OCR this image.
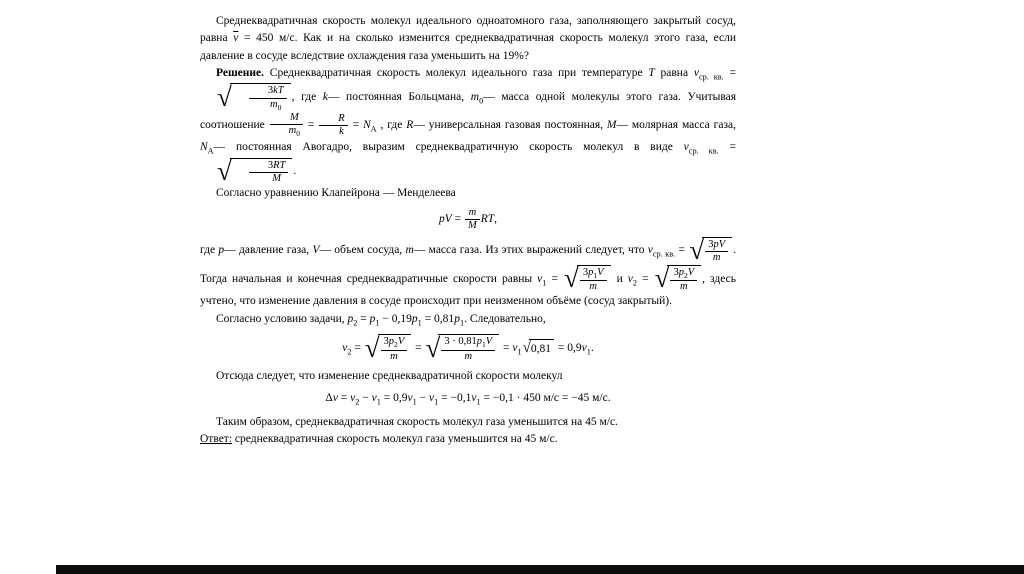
Среднеквадратичная скорость молекул идеального одноатомного газа, заполняющего закрытый сосуд, равна $\overline{v} = 450$ м/с. Как и на сколько изменится среднеквадратичная скорость молекул этого газа, если давление в сосуде вследствие охлаждения газа уменьшить на 19%?

Решение. Среднеквадратичная скорость молекул идеального газа при температуре T равна $v_{ср. кв.}$ =
√ $\frac{3kT}{m_0}$ , где k— постоянная Больцмана, $m_0—$ масса одной молекулы этого газа. Учитывая соотношение $\frac{M}{m_0} = \frac{R}{k} = N_A$ , где R— универсальная газовая постоянная, M— молярная масса газа, $N_A—$ постоянная Авогадро, выразим среднеквадратичную скорость молекул в виде $v_{ср. кв.}$ =
√ $\frac{3RT}{M}$ .

Согласно уравнению Клапейрона — Менделеева

pV = $\frac{m}{M}$ RT,

где p— давление газа, V— объем сосуда, m— масса газа. Из этих выражений следует, что $v_{ср. кв.}$ = √ $\frac{3pV}{m}$ . Тогда начальная и конечная среднеквадратичные скорости равны $v_1$ = √ $\frac{3p_1V}{m}$ и $v_2$ = √ $\frac{3p_2V}{m}$ , здесь учтено, что изменение давления в сосуде происходит при неизменном объёме (сосуд закрытый).

Согласно условию задачи, $p_2 = p_1 - 0,19p_1 = 0,81p_1$. Следовательно,

$v_2$ = √ $\frac{3p_2V}{m}$ = √ $\frac{3 \cdot 0,81p_1V}{m} = v_1$ √ $0,81 = 0,9v_1$.

Отсюда следует, что изменение среднеквадратичной скорости молекул

$\Delta v = v_2 - v_1 = 0,9v_1 - v_1 = -0,1v_1 = -0,1 \cdot 450$ м/с = −45 м/с.

Таким образом, среднеквадратичная скорость молекул газа уменьшится на 45 м/с.

Ответ: среднеквадратичная скорость молекул газа уменьшится на 45 м/с.
